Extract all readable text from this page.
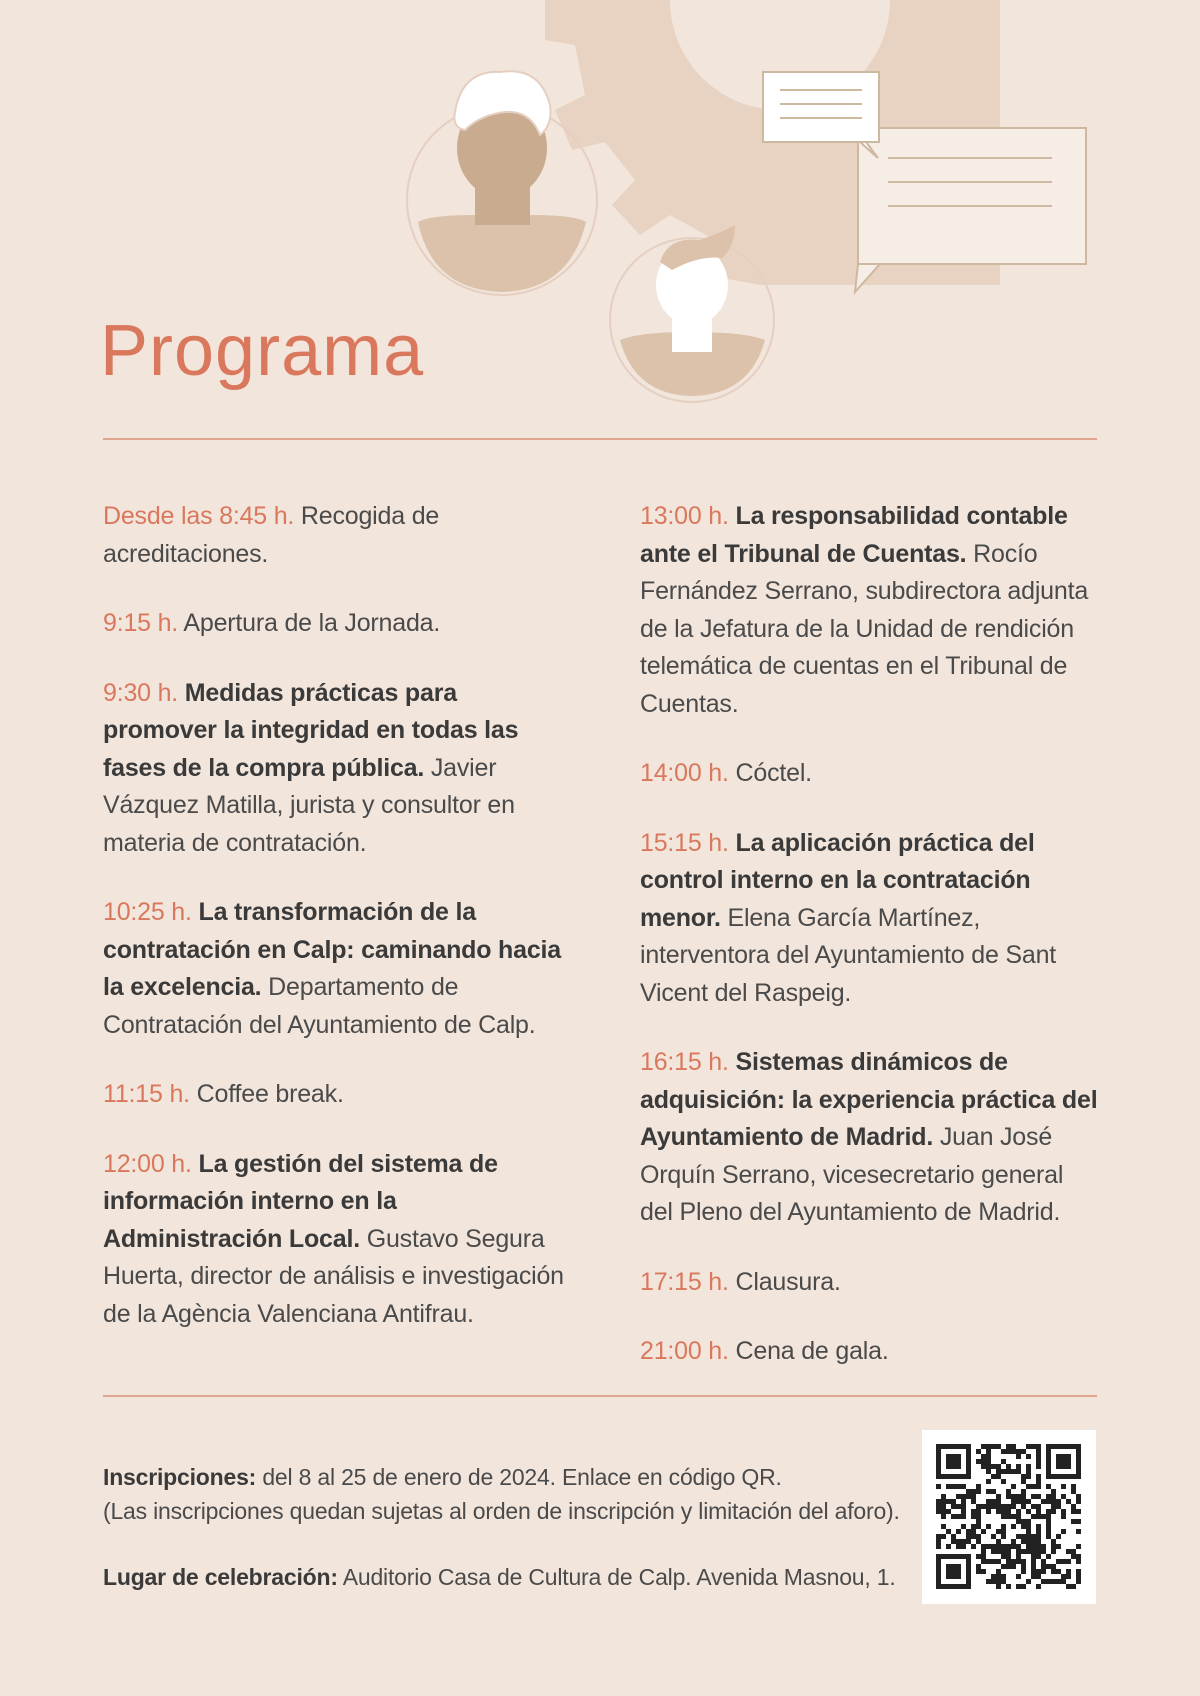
Programa

Desde las 8:45 h. Recogida de acreditaciones.

9:15 h. Apertura de la Jornada.

9:30 h. Medidas prácticas para promover la integridad en todas las fases de la compra pública. Javier Vázquez Matilla, jurista y consultor en materia de contratación.

10:25 h. La transformación de la contratación en Calp: caminando hacia la excelencia. Departamento de Contratación del Ayuntamiento de Calp.

11:15 h. Coffee break.

12:00 h. La gestión del sistema de información interno en la Administración Local. Gustavo Segura Huerta, director de análisis e investigación de la Agència Valenciana Antifrau.

13:00 h. La responsabilidad contable ante el Tribunal de Cuentas. Rocío Fernández Serrano, subdirectora adjunta de la Jefatura de la Unidad de rendición telemática de cuentas en el Tribunal de Cuentas.

14:00 h. Cóctel.

15:15 h. La aplicación práctica del control interno en la contratación menor. Elena García Martínez, interventora del Ayuntamiento de Sant Vicent del Raspeig.

16:15 h. Sistemas dinámicos de adquisición: la experiencia práctica del Ayuntamiento de Madrid. Juan José Orquín Serrano, vicesecretario general del Pleno del Ayuntamiento de Madrid.

17:15 h. Clausura.

21:00 h. Cena de gala.

Inscripciones: del 8 al 25 de enero de 2024. Enlace en código QR.

(Las inscripciones quedan sujetas al orden de inscripción y limitación del aforo).

Lugar de celebración: Auditorio Casa de Cultura de Calp. Avenida Masnou, 1.
